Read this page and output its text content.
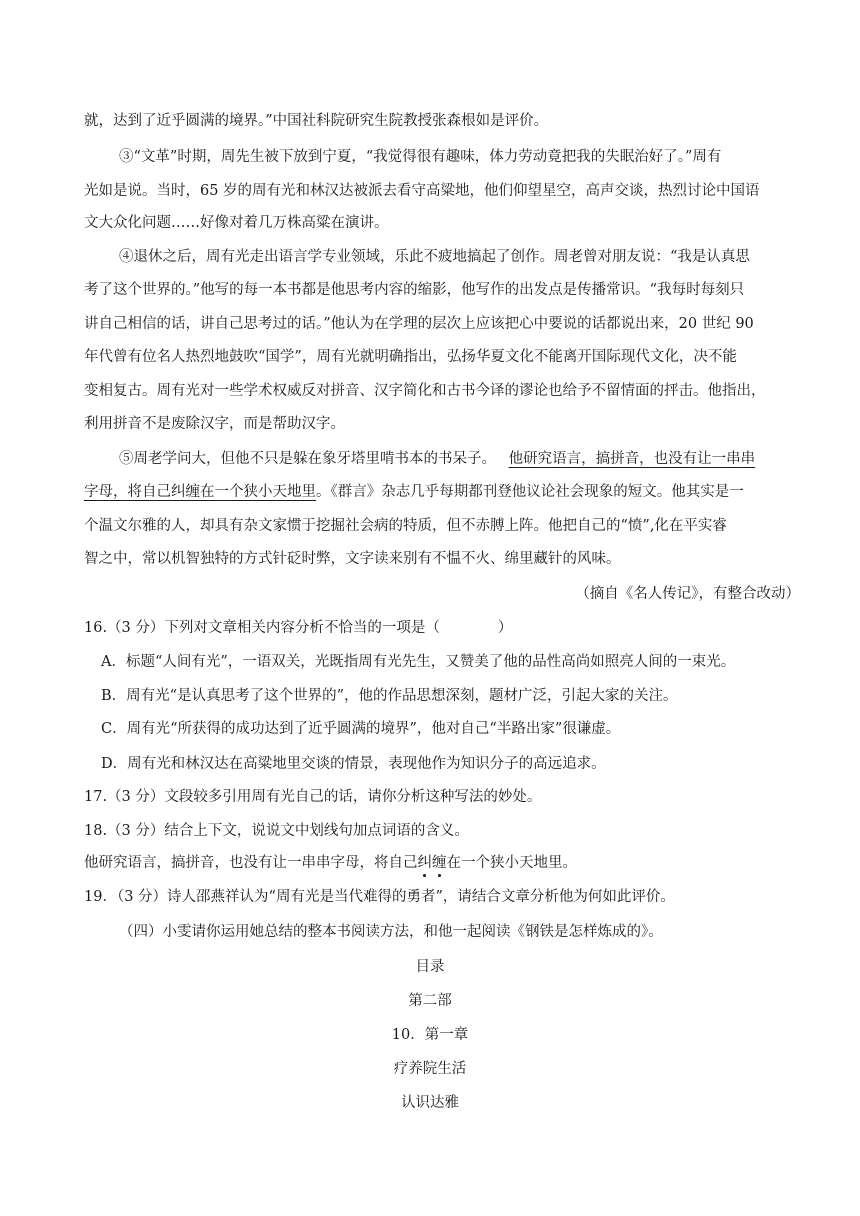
就，达到了近乎圆满的境界。”中国社科院研究生院教授张森根如是评价。
③“文革”时期，周先生被下放到宁夏，“我觉得很有趣味，体力劳动竟把我的失眠治好了。”周有
光如是说。当时，65 岁的周有光和林汉达被派去看守高粱地，他们仰望星空，高声交谈，热烈讨论中国语
文大众化问题……好像对着几万株高粱在演讲。
④退休之后，周有光走出语言学专业领域，乐此不疲地搞起了创作。周老曾对朋友说：“我是认真思
考了这个世界的。”他写的每一本书都是他思考内容的缩影，他写作的出发点是传播常识。“我每时每刻只
讲自己相信的话，讲自己思考过的话。”他认为在学理的层次上应该把心中要说的话都说出来，20 世纪 90
年代曾有位名人热烈地鼓吹“国学”，周有光就明确指出，弘扬华夏文化不能离开国际现代文化，决不能
变相复古。周有光对一些学术权威反对拼音、汉字简化和古书今译的谬论也给予不留情面的抨击。他指出，
利用拼音不是废除汉字，而是帮助汉字。
⑤周老学问大，但他不只是躲在象牙塔里啃书本的书呆子。 他研究语言，搞拼音，也没有让一串串
字母，将自己纠缠在一个狭小天地里。《群言》杂志几乎每期都刊登他议论社会现象的短文。他其实是一
个温文尔雅的人，却具有杂文家惯于挖掘社会病的特质，但不赤膊上阵。他把自己的“愤”,化在平实睿
智之中，常以机智独特的方式针砭时弊，文字读来别有不愠不火、绵里藏针的风味。
（摘自《名人传记》，有整合改动）
16.（3 分）下列对文章相关内容分析不恰当的一项是（　　　　）
A．标题“人间有光”，一语双关，光既指周有光先生，又赞美了他的品性高尚如照亮人间的一束光。
B．周有光“是认真思考了这个世界的”，他的作品思想深刻，题材广泛，引起大家的关注。
C．周有光“所获得的成功达到了近乎圆满的境界”，他对自己“半路出家”很谦虚。
D．周有光和林汉达在高粱地里交谈的情景，表现他作为知识分子的高远追求。
17.（3 分）文段较多引用周有光自己的话，请你分析这种写法的妙处。
18.（3 分）结合上下文，说说文中划线句加点词语的含义。
他研究语言，搞拼音，也没有让一串串字母，将自己纠缠在一个狭小天地里。
19．（3 分）诗人邵燕祥认为“周有光是当代难得的勇者”，请结合文章分析他为何如此评价。
（四）小雯请你运用她总结的整本书阅读方法，和他一起阅读《钢铁是怎样炼成的》。
目录
第二部
10．第一章
疗养院生活
认识达雅
